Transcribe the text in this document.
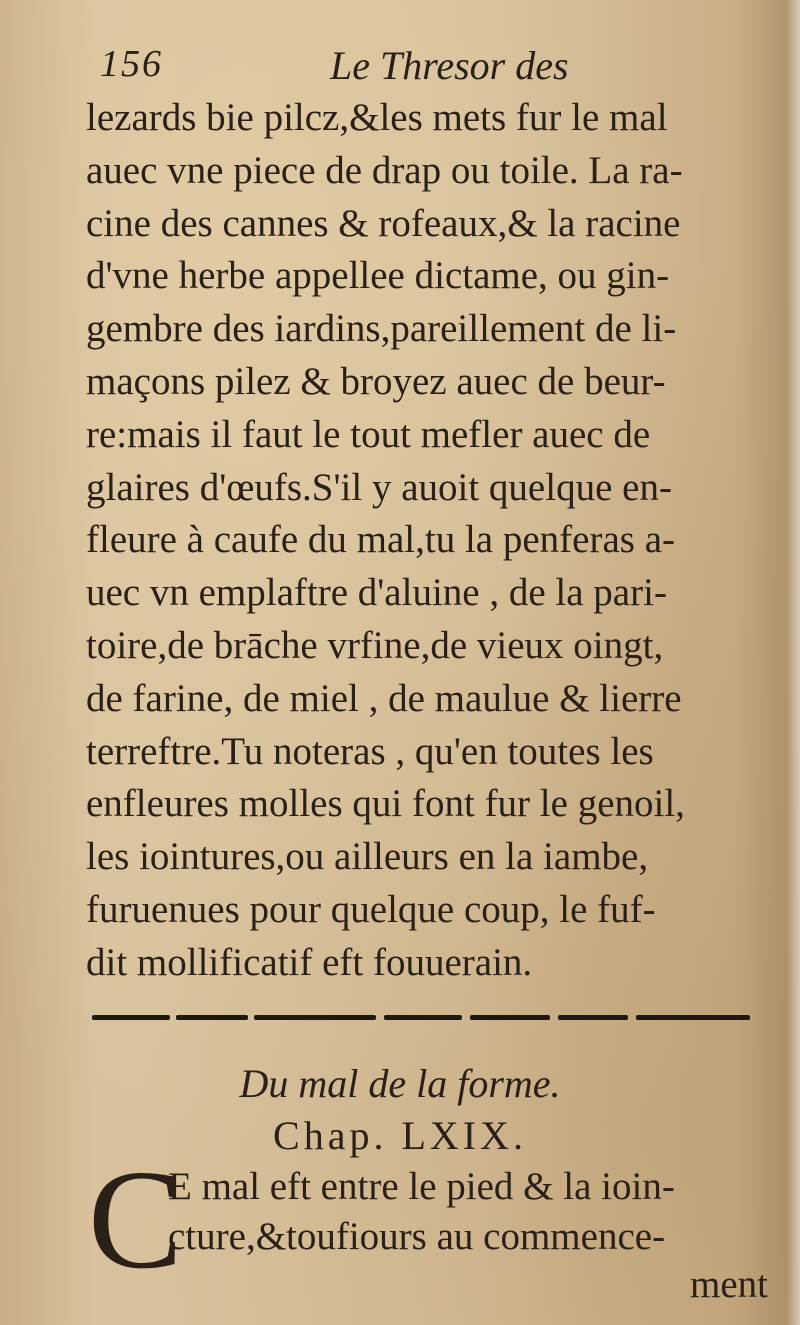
156	Le Thresor des
lezards bie pilcz,&les mets fur le mal
auec vne piece de drap ou toile. La ra-
cine des cannes & rofeaux,& la racine
d'vne herbe appellee dictame, ou gin-
gembre des iardins,pareillement de li-
maçons pilez & broyez auec de beur-
re:mais il faut le tout mefler auec de
glaires d'œufs.S'il y auoit quelque en-
fleure à caufe du mal,tu la penferas a-
uec vn emplaftre d'aluine , de la pari-
toire,de brāche vrfine,de vieux oingt,
de farine, de miel , de maulue & lierre
terreftre.Tu noteras , qu'en toutes les
enfleures molles qui font fur le genoil,
les iointures,ou ailleurs en la iambe,
furuenues pour quelque coup, le fuf-
dit mollificatif eft fouuerain.
Du mal de la forme.
Chap. LXIX.
C
E mal eft entre le pied & la ioin-
cture,&toufiours au commence-
ment
